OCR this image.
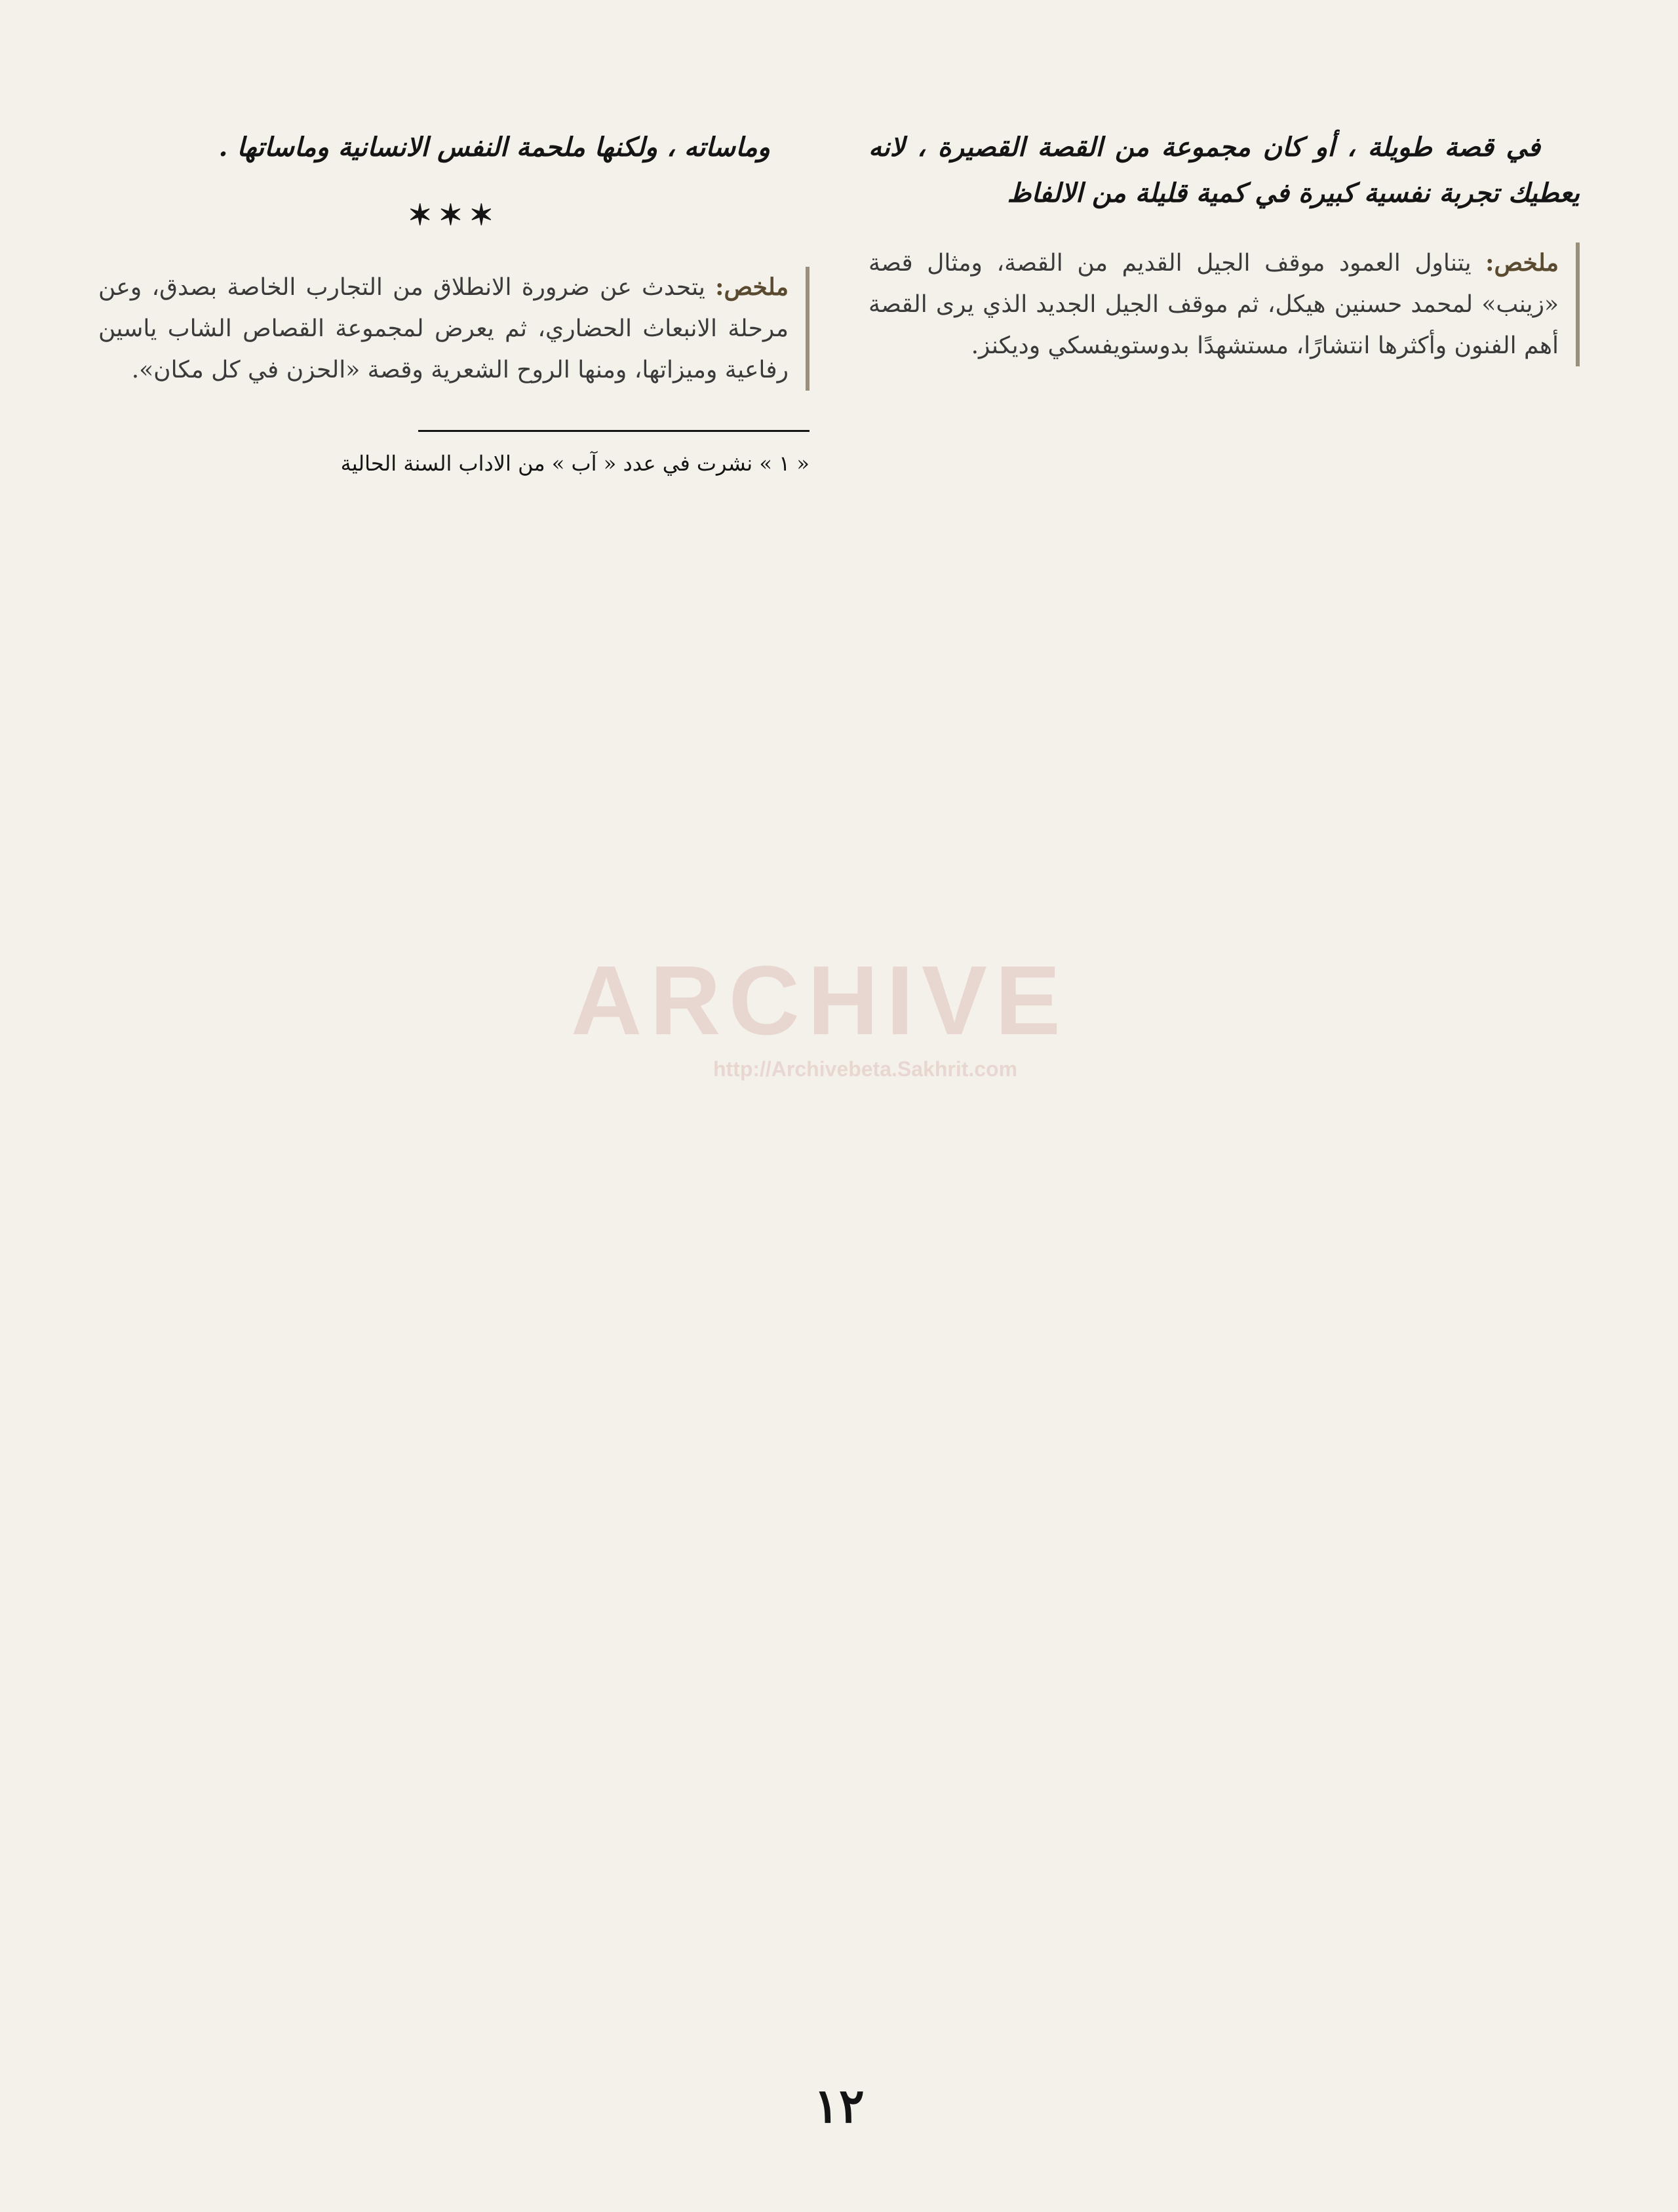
في قصة طويلة ، أو كان مجموعة من القصة القصيرة ، لانه يعطيك تجربة نفسية كبيرة في كمية قليلة من الالفاظ

ملخص: يتناول العمود موقف الجيل القديم من القصة، ومثال قصة «زينب» لمحمد حسنين هيكل، ثم موقف الجيل الجديد الذي يرى القصة أهم الفنون وأكثرها انتشارًا، مستشهدًا بدوستويفسكي وديكنز.

وماساته ، ولكنها ملحمة النفس الانسانية وماساتها .

✶✶✶
ملخص: يتحدث عن ضرورة الانطلاق من التجارب الخاصة بصدق، وعن مرحلة الانبعاث الحضاري، ثم يعرض لمجموعة القصاص الشاب ياسين رفاعية وميزاتها، ومنها الروح الشعرية وقصة «الحزن في كل مكان».
« ١ » نشرت في عدد « آب » من الاداب السنة الحالية
ARCHIVE
http://Archivebeta.Sakhrit.com
١٢
